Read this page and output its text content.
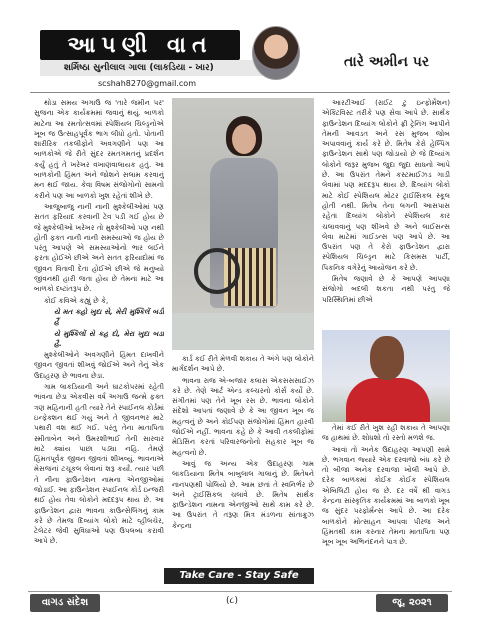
આપણી વાત
શર્મિષ્ઠા સુનીલાલ ગાલા (લાકડિયા - ખાર)
scshah8270@gmail.com
તારે અમીન પર

થોડા સમય અગાઉ જ 'તારે જમીન પર' સુજના એક કાર્યક્રમમાં જવાનું થયું. બાળકો માટેના આ રમતોત્સવમાં સ્પેશિયલ ચિલ્ડ્રનોએ ખૂબ જ ઉત્સાહપૂર્વક ભાગ લીધો હતો. પોતાની શારીરિક તકલીફોને અવગણીને પણ આ બાળકોએ જે રીતે સુંદર રમતગમતનું પ્રદર્શન કર્યું હતું તે ખરેખર વખાણવાલાયક હતું. આ બાળકોની હિંમત અને જોશને સલામ કરવાનું મન થઈ જાય. કેવા વિષમ સંજોગોનો સામનો કરીને પણ આ બાળકો ખુશ રહેતાં શીખે છે.

આજુબાજુ નાની નાની મુશ્કેલીઓમાં પણ સતત ફરિયાદ કરવાની ટેવ પડી ગઈ હોય છે જે મુશ્કેલીઓ ખરેખર તો મુશ્કેલીઓ પણ નથી હોતી ફક્ત નાની નાની સમસ્યાઓ જ હોય છે પરંતુ આપણે એ સમસ્યાઓનો ભાર લઈને ફરતા હોઈએ છીએ અને સતત ફરિયાદોમાં જ જીવન વિતાવી દેતા હોઈએ છીએ જે મનુષ્યો જીવનથી હારી જતા હોય છે તેમના માટે આ બાળકો દષ્ટાંતરૂપ છે.

કોઈ કવિએ કહ્યું છે કે,

યે મત કહો ખુદા સે, મેરી મુશ્કિલેં બડી હૈં

યે મુશ્કિલોં સે કહ દો, મેરા ખુદા બડા હૈ.

મુશ્કેલીઓને અવગણીને હિંમત દાખવીને જીવન જીવતાં શીખવું જોઈએ અને તેનું એક ઉદાહરણ છે ભાવના છેડા.

ગામ લાકડિયાની અને ઘાટકોપરમાં રહેતી ભાવના છેડા એકવીસ વર્ષ અગાઉ જન્મે ફક્ત ત્રણ મહિનાની હતી ત્યારે તેને સ્પાઈનલ કોર્ડમાં ઇન્ફેક્શન થઈ ગયું અને તે જીવનભર માટે પથારી વશ થઈ ગઈ. પરંતુ તેના માતાપિતા સ્મીતાબેન અને ઉમરશીભાઈ તેની સારવાર માટે ક્યાંય પાછા પડ્યા નહિ. તેમણે હિંમતપૂર્વક જીવન જીવતાં શીખવ્યું. ભાવનાએ મેસજનાં ટચૂકલ લેવાનાં શરૂ કર્યાં. ત્યાર પછી તે નીના ફાઉન્ડેશન નામના એનજીઓમાં જોડાઈ. આ ફાઉન્ડેશન સ્પાઈનલ કોર્ડ ઇન્જરી થઈ હોય તેવા લોકોને મદદરૂપ થાય છે. આ ફાઉન્ડેશન દ્વારા ભાવના કાઉન્સેલિંગનું કામ કરે છે તેમજ દિવ્યાંગ લોકો માટે વ્હીલચેર, ટેલેટર જેવી સુવિધાઓ પણ ઉપલબ્ધ કરાવી આપે છે.

કાર્ડ કઈ રીતે મેળવી શકાય તે અંગે પણ લોકોને માર્ગદર્શન આપે છે.

ભાવના રાજ એ-બજાર કલાસ એકસસસાઈઝ કરે છે. તેણે આર્ટ એન્ડ કલ્ચરનો કોર્સ કર્યો છે. સંગીતમાં પણ તેને ખૂબ રસ છે. ભાવના લોકોને સંદેશો આપતાં જણાવે છે કે આ જીવન ખૂબ જ મહત્વનું છે અને કોઈપણ સંજોગોમાં હિંમત હારવી જોઈએ નહીં. ભાવના કહે છે કે આવી તકલીફોમાં મેડિસિન કરતાં પરિવારજનોનો સહકાર ખૂબ જ મહત્વનો છે.

આવું જ અન્ય એક ઉદાહરણ ગામ લાકડિયાના મિતેષ બાબુલાલ ગાલાનું છે. મિતેષને નાનપણથી પોલિયો છે. આમ છતાં તે સ્વનિર્ભર છે અને ટ્રાઈસિકલ ચલાવે છે. મિતેષ સાર્થક ફાઉન્ડેશન નામના એનજીઓ સાથે કામ કરે છે. આ ઉપરાંત તે તરૂણ મિત્ર મંડળના સાંતાક્રુઝ કેન્દ્રના

આરટીઆઈ (રાઈટ ટુ ઇન્ફોર્મેશન) એક્ટિવિસ્ટ તરીકે પણ સેવા આપે છે. સાર્થક ફાઉન્ડેશન દિવ્યાંગ લોકોને ફ્રી ટ્રેનિંગ આપીને તેમની આવડત અને રસ મુજબ જોબ અપાવવાનું કાર્ય કરે છે. મિતેષ કેરો હેલ્પિંગ ફાઉન્ડેશન સાથે પણ જોડાયો છે જે દિવ્યાંગ લોકોને જરૂર મુજબ જુદા જુદા સાધનો આપે છે. આ ઉપરાંત તેમને કસ્ટમાઈઝડ ગાડી લેવામાં પણ મદદરૂપ થાય છે. દિવ્યાંગ લોકો માટે કોઈ સ્પેશિયલ મોટર ટ્રાઈસિકલ સ્કૂલ હોતી નથી. મિતેષ તેના લગની આસપાસ રહેતા દિવ્યાંગ લોકોને સ્પેશિયલ કાર ચલાવવાનું પણ શીખવે છે અને લાઈસન્સ લેવા માટેમાં ગાઈડન્સ પણ આપે છે. આ ઉપરાંત પણ તે કેરો ફાઉન્ડેશન દ્વારા સ્પેશિયલ ચિલ્ડ્રન માટે કિસમસ પાર્ટી, પિકનિક વગેરેનું આયોજન કરે છે.

મિતેષ જણાવે છે કે આપણે આપણા સંજોગો બદલી શકતા નથી પરંતુ જે પરિસ્થિતિમાં છીએ

તેમાં કઈ રીતે ખુશ રહી શકાય તે આપણા જ હાથમાં છે. શોધશો તો રસ્તો મળશે જ.

આવાં તો અનેક ઉદાહરણ આપણી સામે છે. ભગવાન જ્યારે એક દરવાજો બંધ કરે છે તો બીજા અનેક દરવાજા ખોલી આપે છે. દરેક બાળકમાં કોઈક કોઈક સ્પેશિયલ એબિલિટી હોય જ છે. દર વર્ષે થી વાગડ કેન્દ્રના સાંસ્કૃતિક કાર્યક્રમમાં આ બાળકો ખૂબ જ સુંદર પરફોર્મન્સ આપે છે. આ દરેક બાળકોને મોત્સાહન આપવા પીરજ અને હિંમતથી કામ કરનાર તેમના માતાપિતા પણ ખૂબ ખૂબ અભિનંદનને પાત્ર છે.

Take Care - Stay Safe
વાગડ સંદેશ	(૮)	જૂ. ૨૦૨૧
